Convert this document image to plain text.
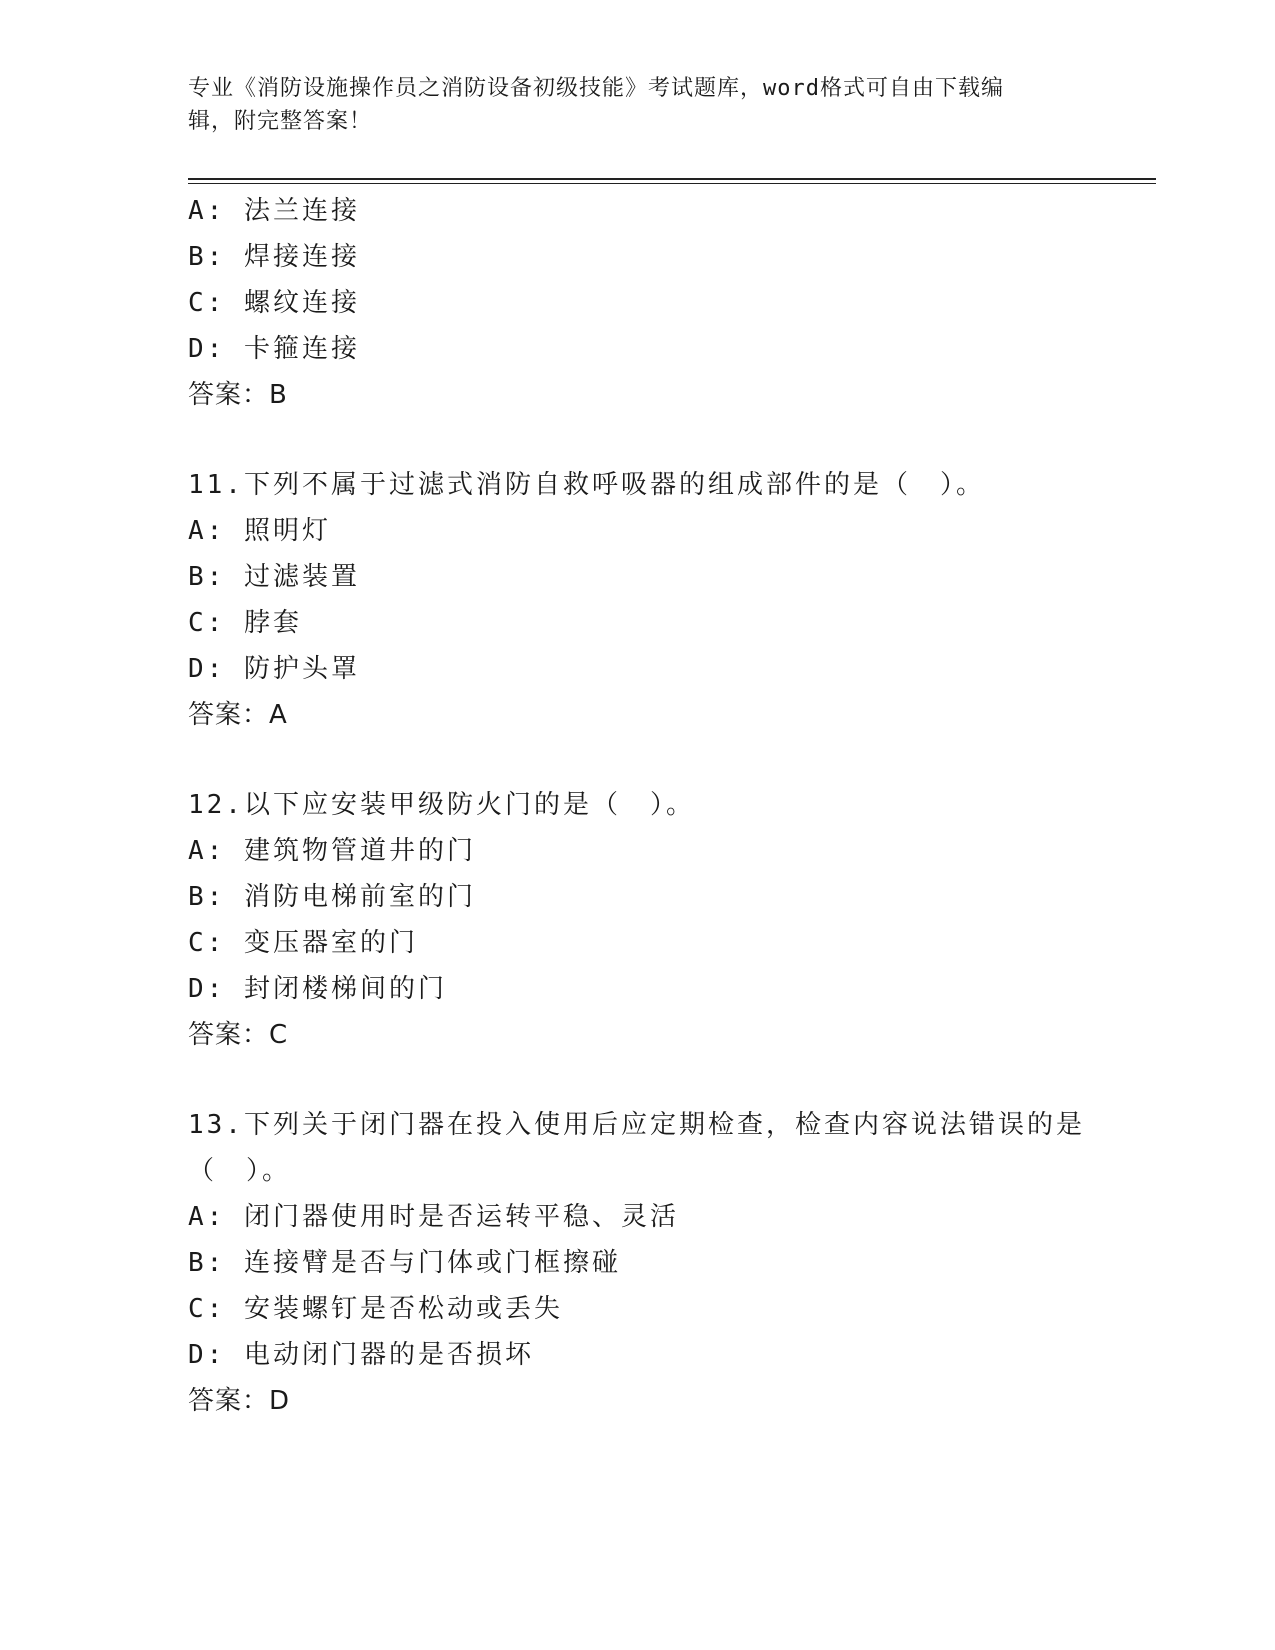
专业《消防设施操作员之消防设备初级技能》考试题库，word格式可自由下载编
辑，附完整答案！
A: 法兰连接
B: 焊接连接
C: 螺纹连接
D: 卡箍连接
答案：B
11.下列不属于过滤式消防自救呼吸器的组成部件的是（　）。
A: 照明灯
B: 过滤装置
C: 脖套
D: 防护头罩
答案：A
12.以下应安装甲级防火门的是（　）。
A: 建筑物管道井的门
B: 消防电梯前室的门
C: 变压器室的门
D: 封闭楼梯间的门
答案：C
13.下列关于闭门器在投入使用后应定期检查，检查内容说法错误的是
（　）。
A: 闭门器使用时是否运转平稳、灵活
B: 连接臂是否与门体或门框擦碰
C: 安装螺钉是否松动或丢失
D: 电动闭门器的是否损坏
答案：D
